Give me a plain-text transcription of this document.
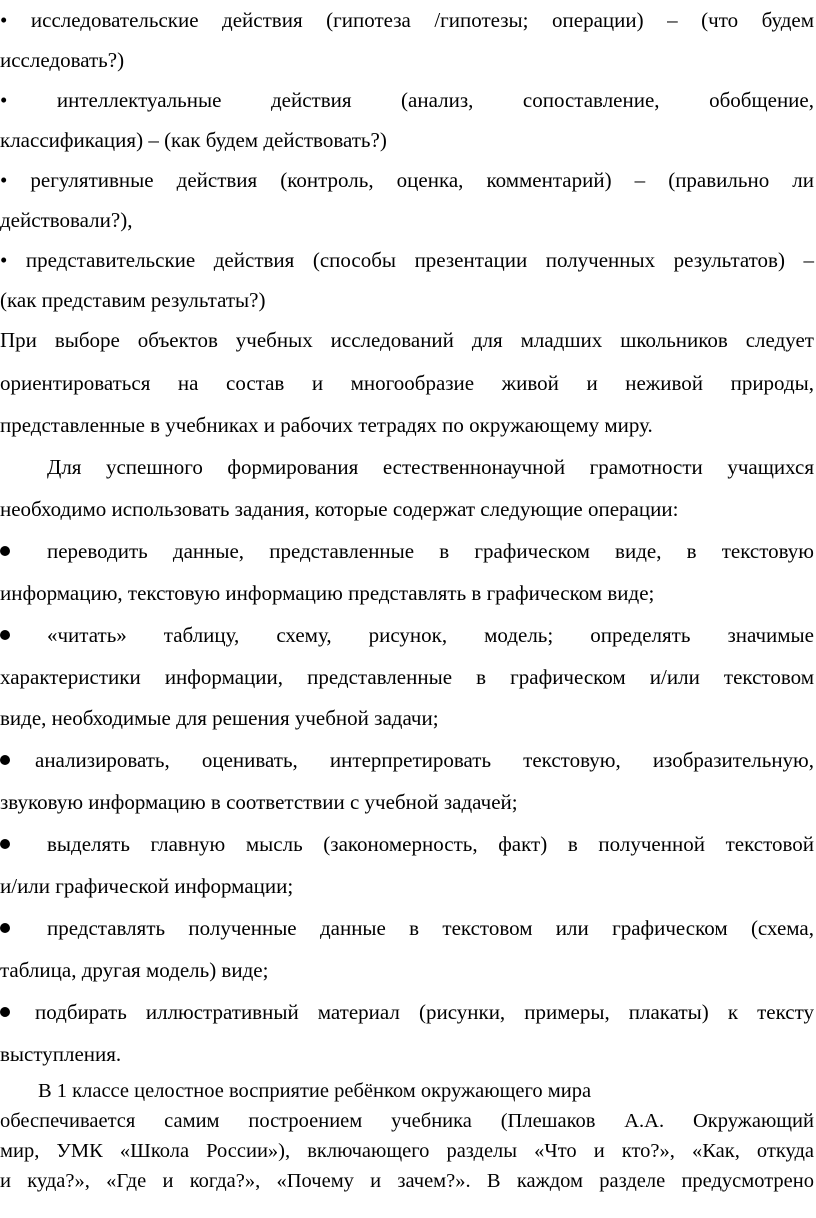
• исследовательские действия (гипотеза /гипотезы; операции) – (что будем
исследовать?)
• интеллектуальные действия (анализ, сопоставление, обобщение,
классификация) – (как будем действовать?)
• регулятивные действия (контроль, оценка, комментарий) – (правильно ли
действовали?),
• представительские действия (способы презентации полученных результатов) –
(как представим результаты?)
При выборе объектов учебных исследований для младших школьников следует
ориентироваться на состав и многообразие живой и неживой природы,
представленные в учебниках и рабочих тетрадях по окружающему миру.
Для успешного формирования естественнонаучной грамотности учащихся
необходимо использовать задания, которые содержат следующие операции:
переводить данные, представленные в графическом виде, в текстовую
информацию, текстовую информацию представлять в графическом виде;
«читать» таблицу, схему, рисунок, модель; определять значимые
характеристики информации, представленные в графическом и/или текстовом
виде, необходимые для решения учебной задачи;
анализировать, оценивать, интерпретировать текстовую, изобразительную,
звуковую информацию в соответствии с учебной задачей;
выделять главную мысль (закономерность, факт) в полученной текстовой
и/или графической информации;
представлять полученные данные в текстовом или графическом (схема,
таблица, другая модель) виде;
подбирать иллюстративный материал (рисунки, примеры, плакаты) к тексту
выступления.
В 1 классе целостное восприятие ребёнком окружающего мира
обеспечивается самим построением учебника (Плешаков А.А. Окружающий
мир, УМК «Школа России»), включающего разделы «Что и кто?», «Как, откуда
и куда?», «Где и когда?», «Почему и зачем?». В каждом разделе предусмотрено
